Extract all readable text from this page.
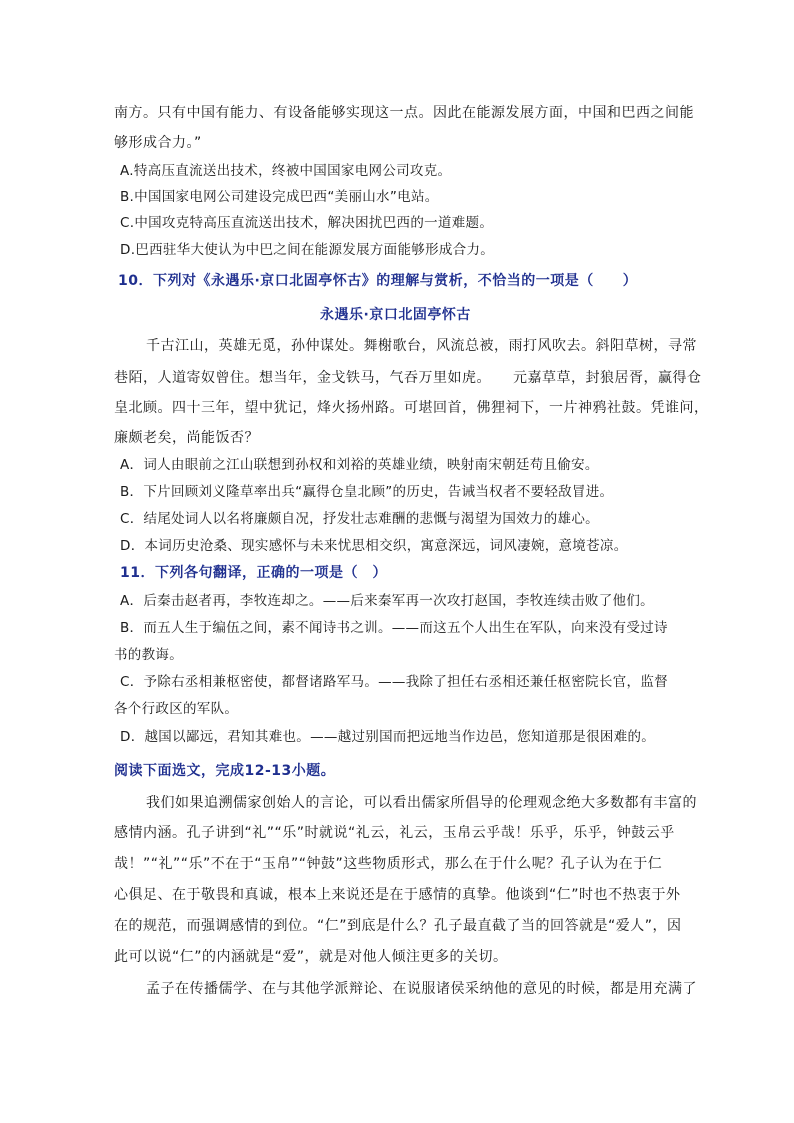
南方。只有中国有能力、有设备能够实现这一点。因此在能源发展方面，中国和巴西之间能
够形成合力。”
A.特高压直流送出技术，终被中国国家电网公司攻克。
B.中国国家电网公司建设完成巴西“美丽山水”电站。
C.中国攻克特高压直流送出技术，解决困扰巴西的一道难题。
D.巴西驻华大使认为中巴之间在能源发展方面能够形成合力。
10．下列对《永遇乐·京口北固亭怀古》的理解与赏析，不恰当的一项是（　　）
永遇乐·京口北固亭怀古
千古江山，英雄无觅，孙仲谋处。舞榭歌台，风流总被，雨打风吹去。斜阳草树，寻常
巷陌，人道寄奴曾住。想当年，金戈铁马，气吞万里如虎。　　元嘉草草，封狼居胥，赢得仓
皇北顾。四十三年，望中犹记，烽火扬州路。可堪回首，佛狸祠下，一片神鸦社鼓。凭谁问，
廉颇老矣，尚能饭否？
A．词人由眼前之江山联想到孙权和刘裕的英雄业绩，映射南宋朝廷苟且偷安。
B．下片回顾刘义隆草率出兵“赢得仓皇北顾”的历史，告诫当权者不要轻敌冒进。
C．结尾处词人以名将廉颇自况，抒发壮志难酬的悲慨与渴望为国效力的雄心。
D．本词历史沧桑、现实感怀与未来忧思相交织，寓意深远，词风凄婉，意境苍凉。
11．下列各句翻译，正确的一项是（　）
A．后秦击赵者再，李牧连却之。——后来秦军再一次攻打赵国，李牧连续击败了他们。
B．而五人生于编伍之间，素不闻诗书之训。——而这五个人出生在军队，向来没有受过诗
书的教诲。
C．予除右丞相兼枢密使，都督诸路军马。——我除了担任右丞相还兼任枢密院长官，监督
各个行政区的军队。
D．越国以鄙远，君知其难也。——越过别国而把远地当作边邑，您知道那是很困难的。
阅读下面选文，完成12-13小题。
我们如果追溯儒家创始人的言论，可以看出儒家所倡导的伦理观念绝大多数都有丰富的
感情内涵。孔子讲到“礼”“乐”时就说“礼云，礼云，玉帛云乎哉！乐乎，乐乎，钟鼓云乎
哉！”“礼”“乐”不在于“玉帛”“钟鼓”这些物质形式，那么在于什么呢？孔子认为在于仁
心俱足、在于敬畏和真诚，根本上来说还是在于感情的真挚。他谈到“仁”时也不热衷于外
在的规范，而强调感情的到位。“仁”到底是什么？孔子最直截了当的回答就是“爱人”，因
此可以说“仁”的内涵就是“爱”，就是对他人倾注更多的关切。
孟子在传播儒学、在与其他学派辩论、在说服诸侯采纳他的意见的时候，都是用充满了
